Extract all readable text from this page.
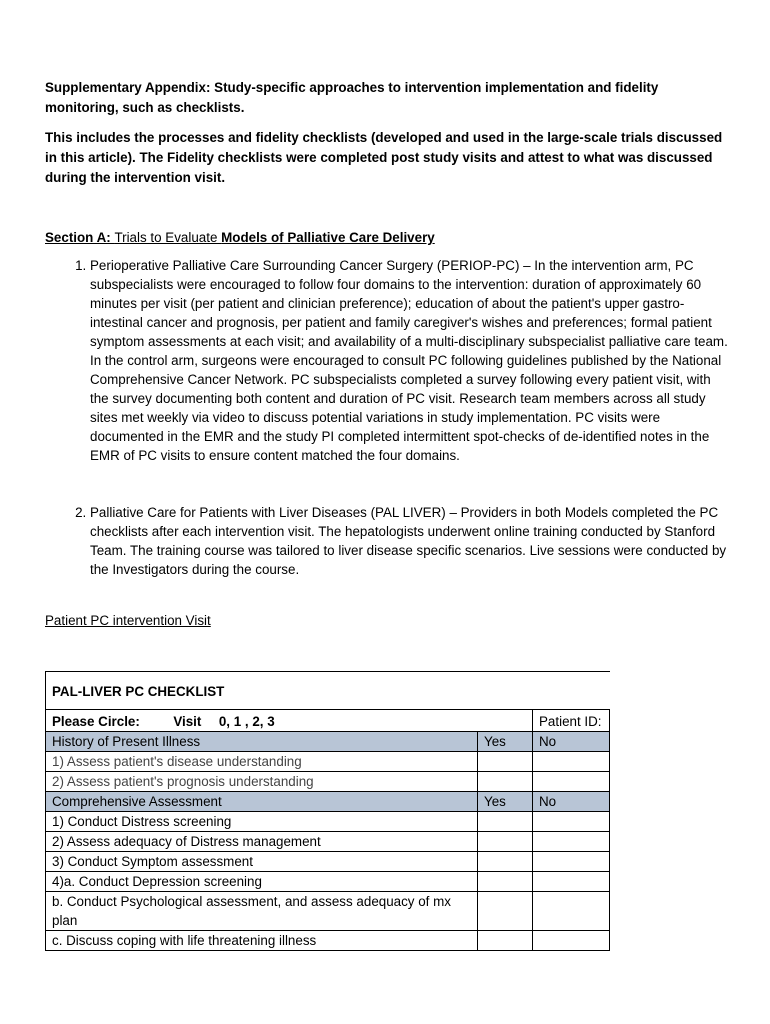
Supplementary Appendix: Study-specific approaches to intervention implementation and fidelity monitoring, such as checklists.

This includes the processes and fidelity checklists (developed and used in the large-scale trials discussed in this article). The Fidelity checklists were completed post study visits and attest to what was discussed during the intervention visit.

Section A: Trials to Evaluate Models of Palliative Care Delivery

1. Perioperative Palliative Care Surrounding Cancer Surgery (PERIOP-PC) – In the intervention arm, PC subspecialists were encouraged to follow four domains to the intervention: duration of approximately 60 minutes per visit (per patient and clinician preference); education of about the patient's upper gastro-intestinal cancer and prognosis, per patient and family caregiver's wishes and preferences; formal patient symptom assessments at each visit; and availability of a multi-disciplinary subspecialist palliative care team. In the control arm, surgeons were encouraged to consult PC following guidelines published by the National Comprehensive Cancer Network. PC subspecialists completed a survey following every patient visit, with the survey documenting both content and duration of PC visit. Research team members across all study sites met weekly via video to discuss potential variations in study implementation. PC visits were documented in the EMR and the study PI completed intermittent spot-checks of de-identified notes in the EMR of PC visits to ensure content matched the four domains.
2. Palliative Care for Patients with Liver Diseases (PAL LIVER) – Providers in both Models completed the PC checklists after each intervention visit. The hepatologists underwent online training conducted by Stanford Team. The training course was tailored to liver disease specific scenarios. Live sessions were conducted by the Investigators during the course.

Patient PC intervention Visit

PAL-LIVER PC CHECKLIST		
Please Circle: Visit 0, 1 , 2, 3		Patient ID:
History of Present Illness	Yes	No
1) Assess patient's disease understanding		
2) Assess patient's prognosis understanding		
Comprehensive Assessment	Yes	No
1) Conduct Distress screening		
2) Assess adequacy of Distress management		
3) Conduct Symptom assessment		
4)a. Conduct Depression screening		
b. Conduct Psychological assessment, and assess adequacy of mx plan		
c. Discuss coping with life threatening illness		
